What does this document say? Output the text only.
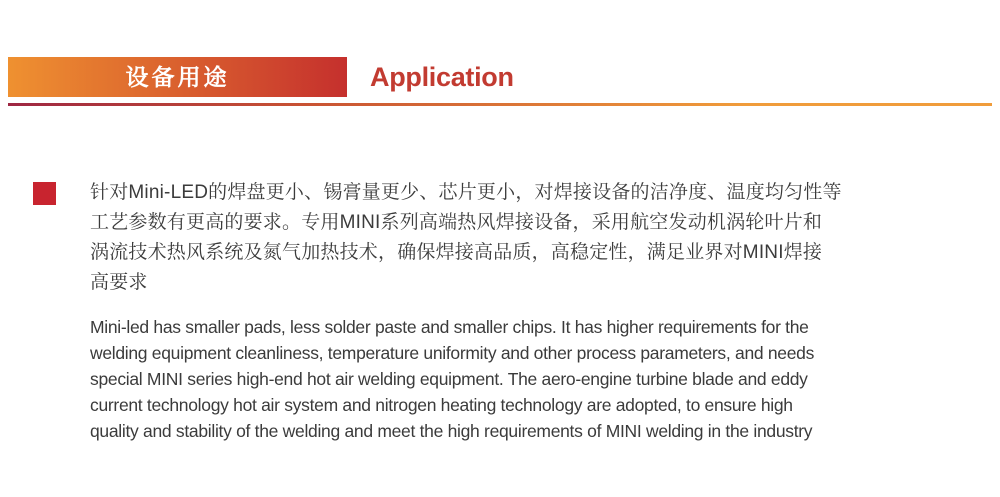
设备用途	Application
针对Mini-LED的焊盘更小、锡膏量更少、芯片更小，对焊接设备的洁净度、温度均匀性等
工艺参数有更高的要求。专用MINI系列高端热风焊接设备，采用航空发动机涡轮叶片和
涡流技术热风系统及氮气加热技术，确保焊接高品质，高稳定性，满足业界对MINI焊接
高要求
Mini-led has smaller pads, less solder paste and smaller chips. It has higher requirements for the
welding equipment cleanliness, temperature uniformity and other process parameters, and needs
special MINI series high-end hot air welding equipment. The aero-engine turbine blade and eddy
current technology hot air system and nitrogen heating technology are adopted, to ensure high
quality and stability of the welding and meet the high requirements of MINI welding in the industry
